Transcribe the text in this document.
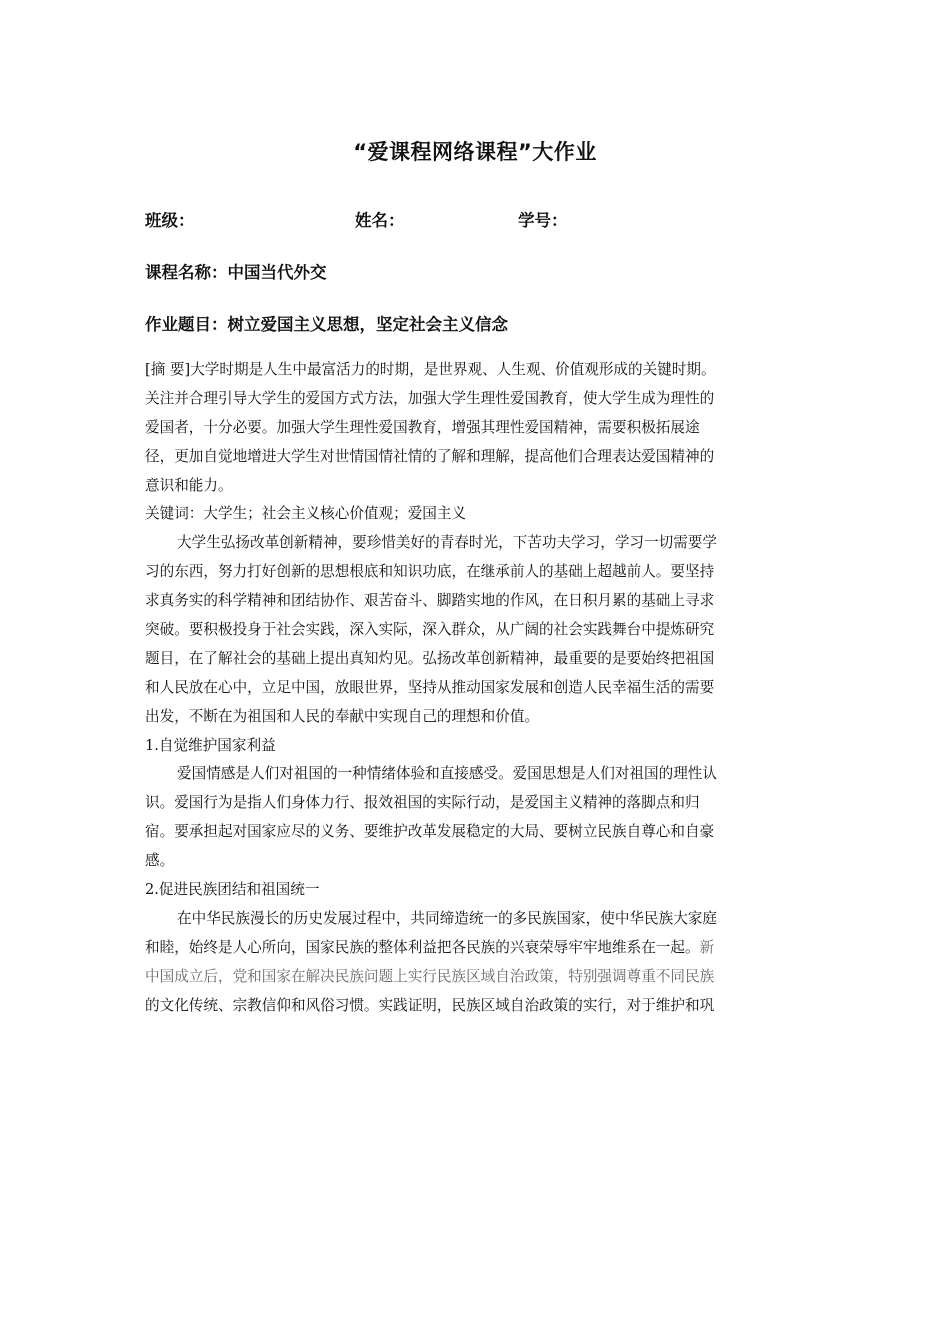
“爱课程网络课程”大作业
班级：	姓名：	学号：
课程名称：中国当代外交
作业题目：树立爱国主义思想，坚定社会主义信念
[摘 要]大学时期是人生中最富活力的时期，是世界观、人生观、价值观形成的关键时期。
关注并合理引导大学生的爱国方式方法，加强大学生理性爱国教育，使大学生成为理性的
爱国者，十分必要。加强大学生理性爱国教育，增强其理性爱国精神，需要积极拓展途
径，更加自觉地增进大学生对世情国情社情的了解和理解，提高他们合理表达爱国精神的
意识和能力。
关键词：大学生；社会主义核心价值观；爱国主义
大学生弘扬改革创新精神，要珍惜美好的青春时光，下苦功夫学习，学习一切需要学
习的东西，努力打好创新的思想根底和知识功底，在继承前人的基础上超越前人。要坚持
求真务实的科学精神和团结协作、艰苦奋斗、脚踏实地的作风，在日积月累的基础上寻求
突破。要积极投身于社会实践，深入实际，深入群众，从广阔的社会实践舞台中提炼研究
题目，在了解社会的基础上提出真知灼见。弘扬改革创新精神，最重要的是要始终把祖国
和人民放在心中，立足中国，放眼世界，坚持从推动国家发展和创造人民幸福生活的需要
出发，不断在为祖国和人民的奉献中实现自己的理想和价值。
1.自觉维护国家利益
爱国情感是人们对祖国的一种情绪体验和直接感受。爱国思想是人们对祖国的理性认
识。爱国行为是指人们身体力行、报效祖国的实际行动，是爱国主义精神的落脚点和归
宿。要承担起对国家应尽的义务、要维护改革发展稳定的大局、要树立民族自尊心和自豪
感。
2.促进民族团结和祖国统一
在中华民族漫长的历史发展过程中，共同缔造统一的多民族国家，使中华民族大家庭
和睦，始终是人心所向，国家民族的整体利益把各民族的兴衰荣辱牢牢地维系在一起。新
中国成立后，党和国家在解决民族问题上实行民族区域自治政策，特别强调尊重不同民族
的文化传统、宗教信仰和风俗习惯。实践证明，民族区域自治政策的实行，对于维护和巩
